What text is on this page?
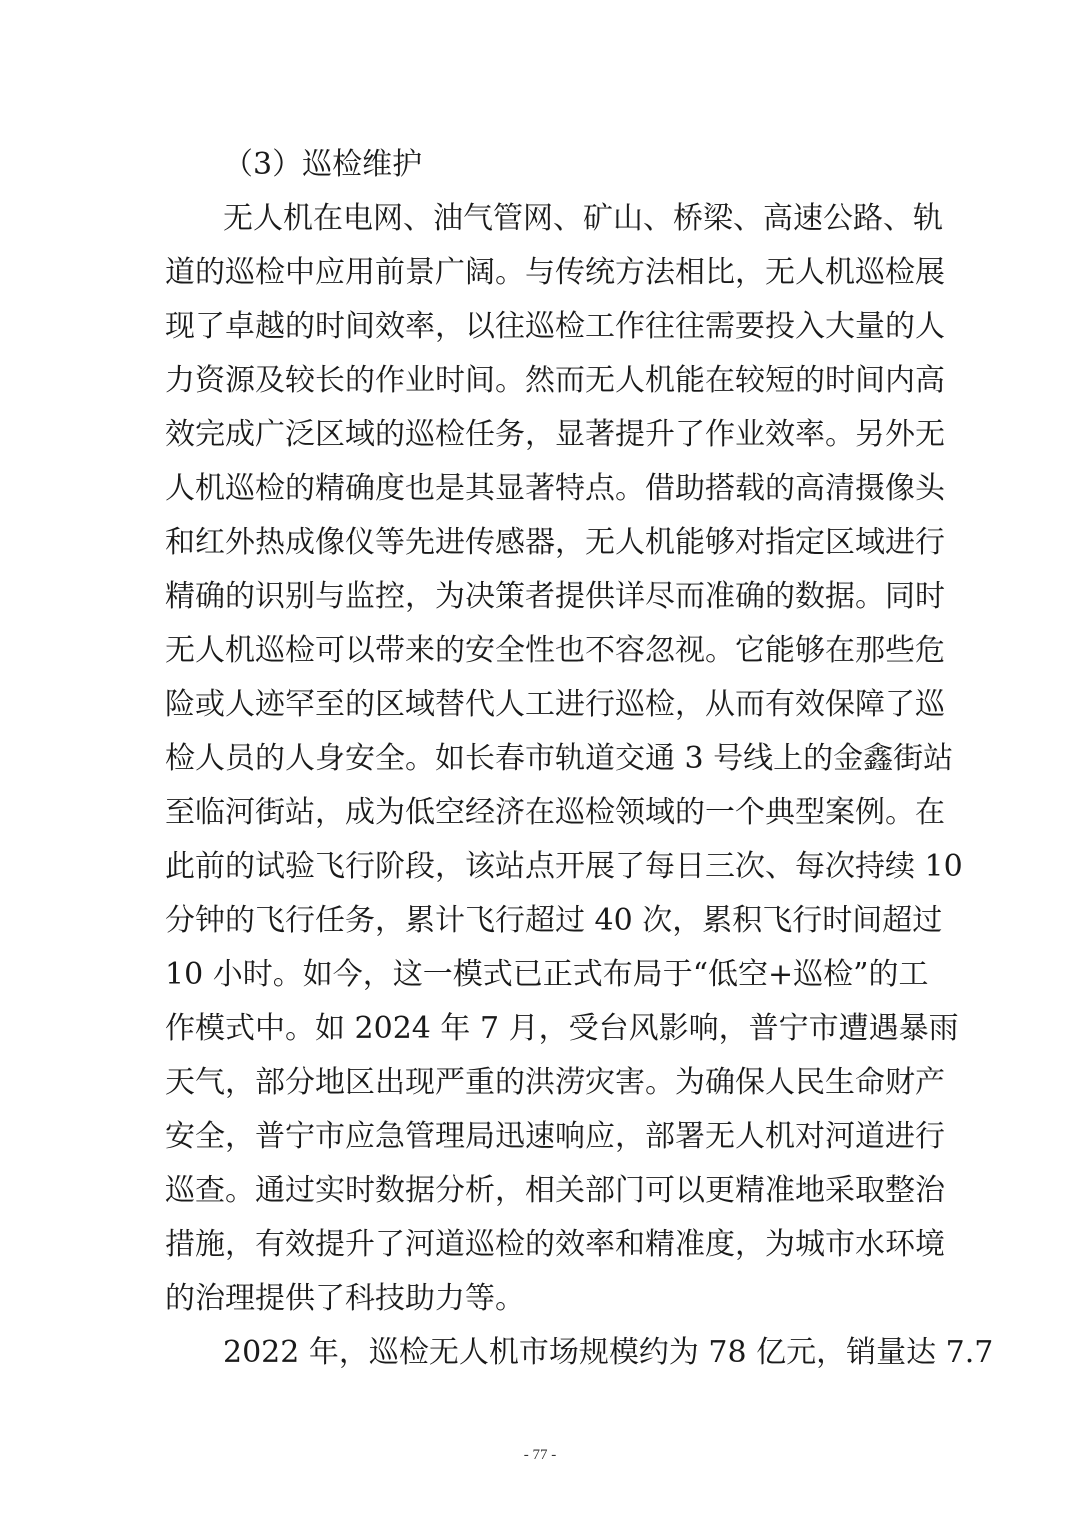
（3）巡检维护
无人机在电网、油气管网、矿山、桥梁、高速公路、轨
道的巡检中应用前景广阔。与传统方法相比，无人机巡检展
现了卓越的时间效率，以往巡检工作往往需要投入大量的人
力资源及较长的作业时间。然而无人机能在较短的时间内高
效完成广泛区域的巡检任务，显著提升了作业效率。另外无
人机巡检的精确度也是其显著特点。借助搭载的高清摄像头
和红外热成像仪等先进传感器，无人机能够对指定区域进行
精确的识别与监控，为决策者提供详尽而准确的数据。同时
无人机巡检可以带来的安全性也不容忽视。它能够在那些危
险或人迹罕至的区域替代人工进行巡检，从而有效保障了巡
检人员的人身安全。如长春市轨道交通 3 号线上的金鑫街站
至临河街站，成为低空经济在巡检领域的一个典型案例。在
此前的试验飞行阶段，该站点开展了每日三次、每次持续 10
分钟的飞行任务，累计飞行超过 40 次，累积飞行时间超过
10 小时。如今，这一模式已正式布局于“低空+巡检”的工
作模式中。如 2024 年 7 月，受台风影响，普宁市遭遇暴雨
天气，部分地区出现严重的洪涝灾害。为确保人民生命财产
安全，普宁市应急管理局迅速响应，部署无人机对河道进行
巡查。通过实时数据分析，相关部门可以更精准地采取整治
措施，有效提升了河道巡检的效率和精准度，为城市水环境
的治理提供了科技助力等。
2022 年，巡检无人机市场规模约为 78 亿元，销量达 7.7
- 77 -
